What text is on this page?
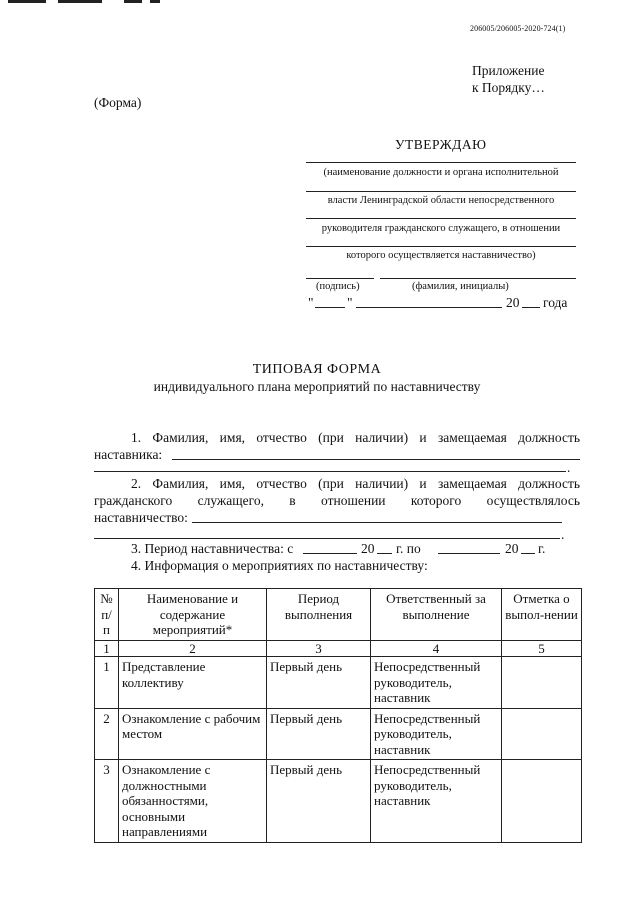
206005/206005-2020-724(1)
Приложение
к Порядку…
(Форма)
УТВЕРЖДАЮ
(наименование должности и органа исполнительной
власти Ленинградской области непосредственного
руководителя гражданского служащего, в отношении
которого осуществляется наставничество)
(подпись)	(фамилия, инициалы)
" "	20 года
ТИПОВАЯ ФОРМА
индивидуального плана мероприятий по наставничеству
1. Фамилия, имя, отчество (при наличии) и замещаемая должность
наставника:
.
2. Фамилия, имя, отчество (при наличии) и замещаемая должность
гражданского служащего, в отношении которого осуществлялось
наставничество:
.
3. Период наставничества: с	20 г. по	20 г.
4. Информация о мероприятиях по наставничеству:
№ п/п	Наименование и содержание мероприятий*	Период выполнения	Ответственный за выполнение	Отметка о выпол-нении
1	2	3	4	5
1	Представление коллективу	Первый день	Непосредственный руководитель, наставник	
2	Ознакомление с рабочим местом	Первый день	Непосредственный руководитель, наставник	
3	Ознакомление с должностными обязанностями, основными направлениями	Первый день	Непосредственный руководитель, наставник	
